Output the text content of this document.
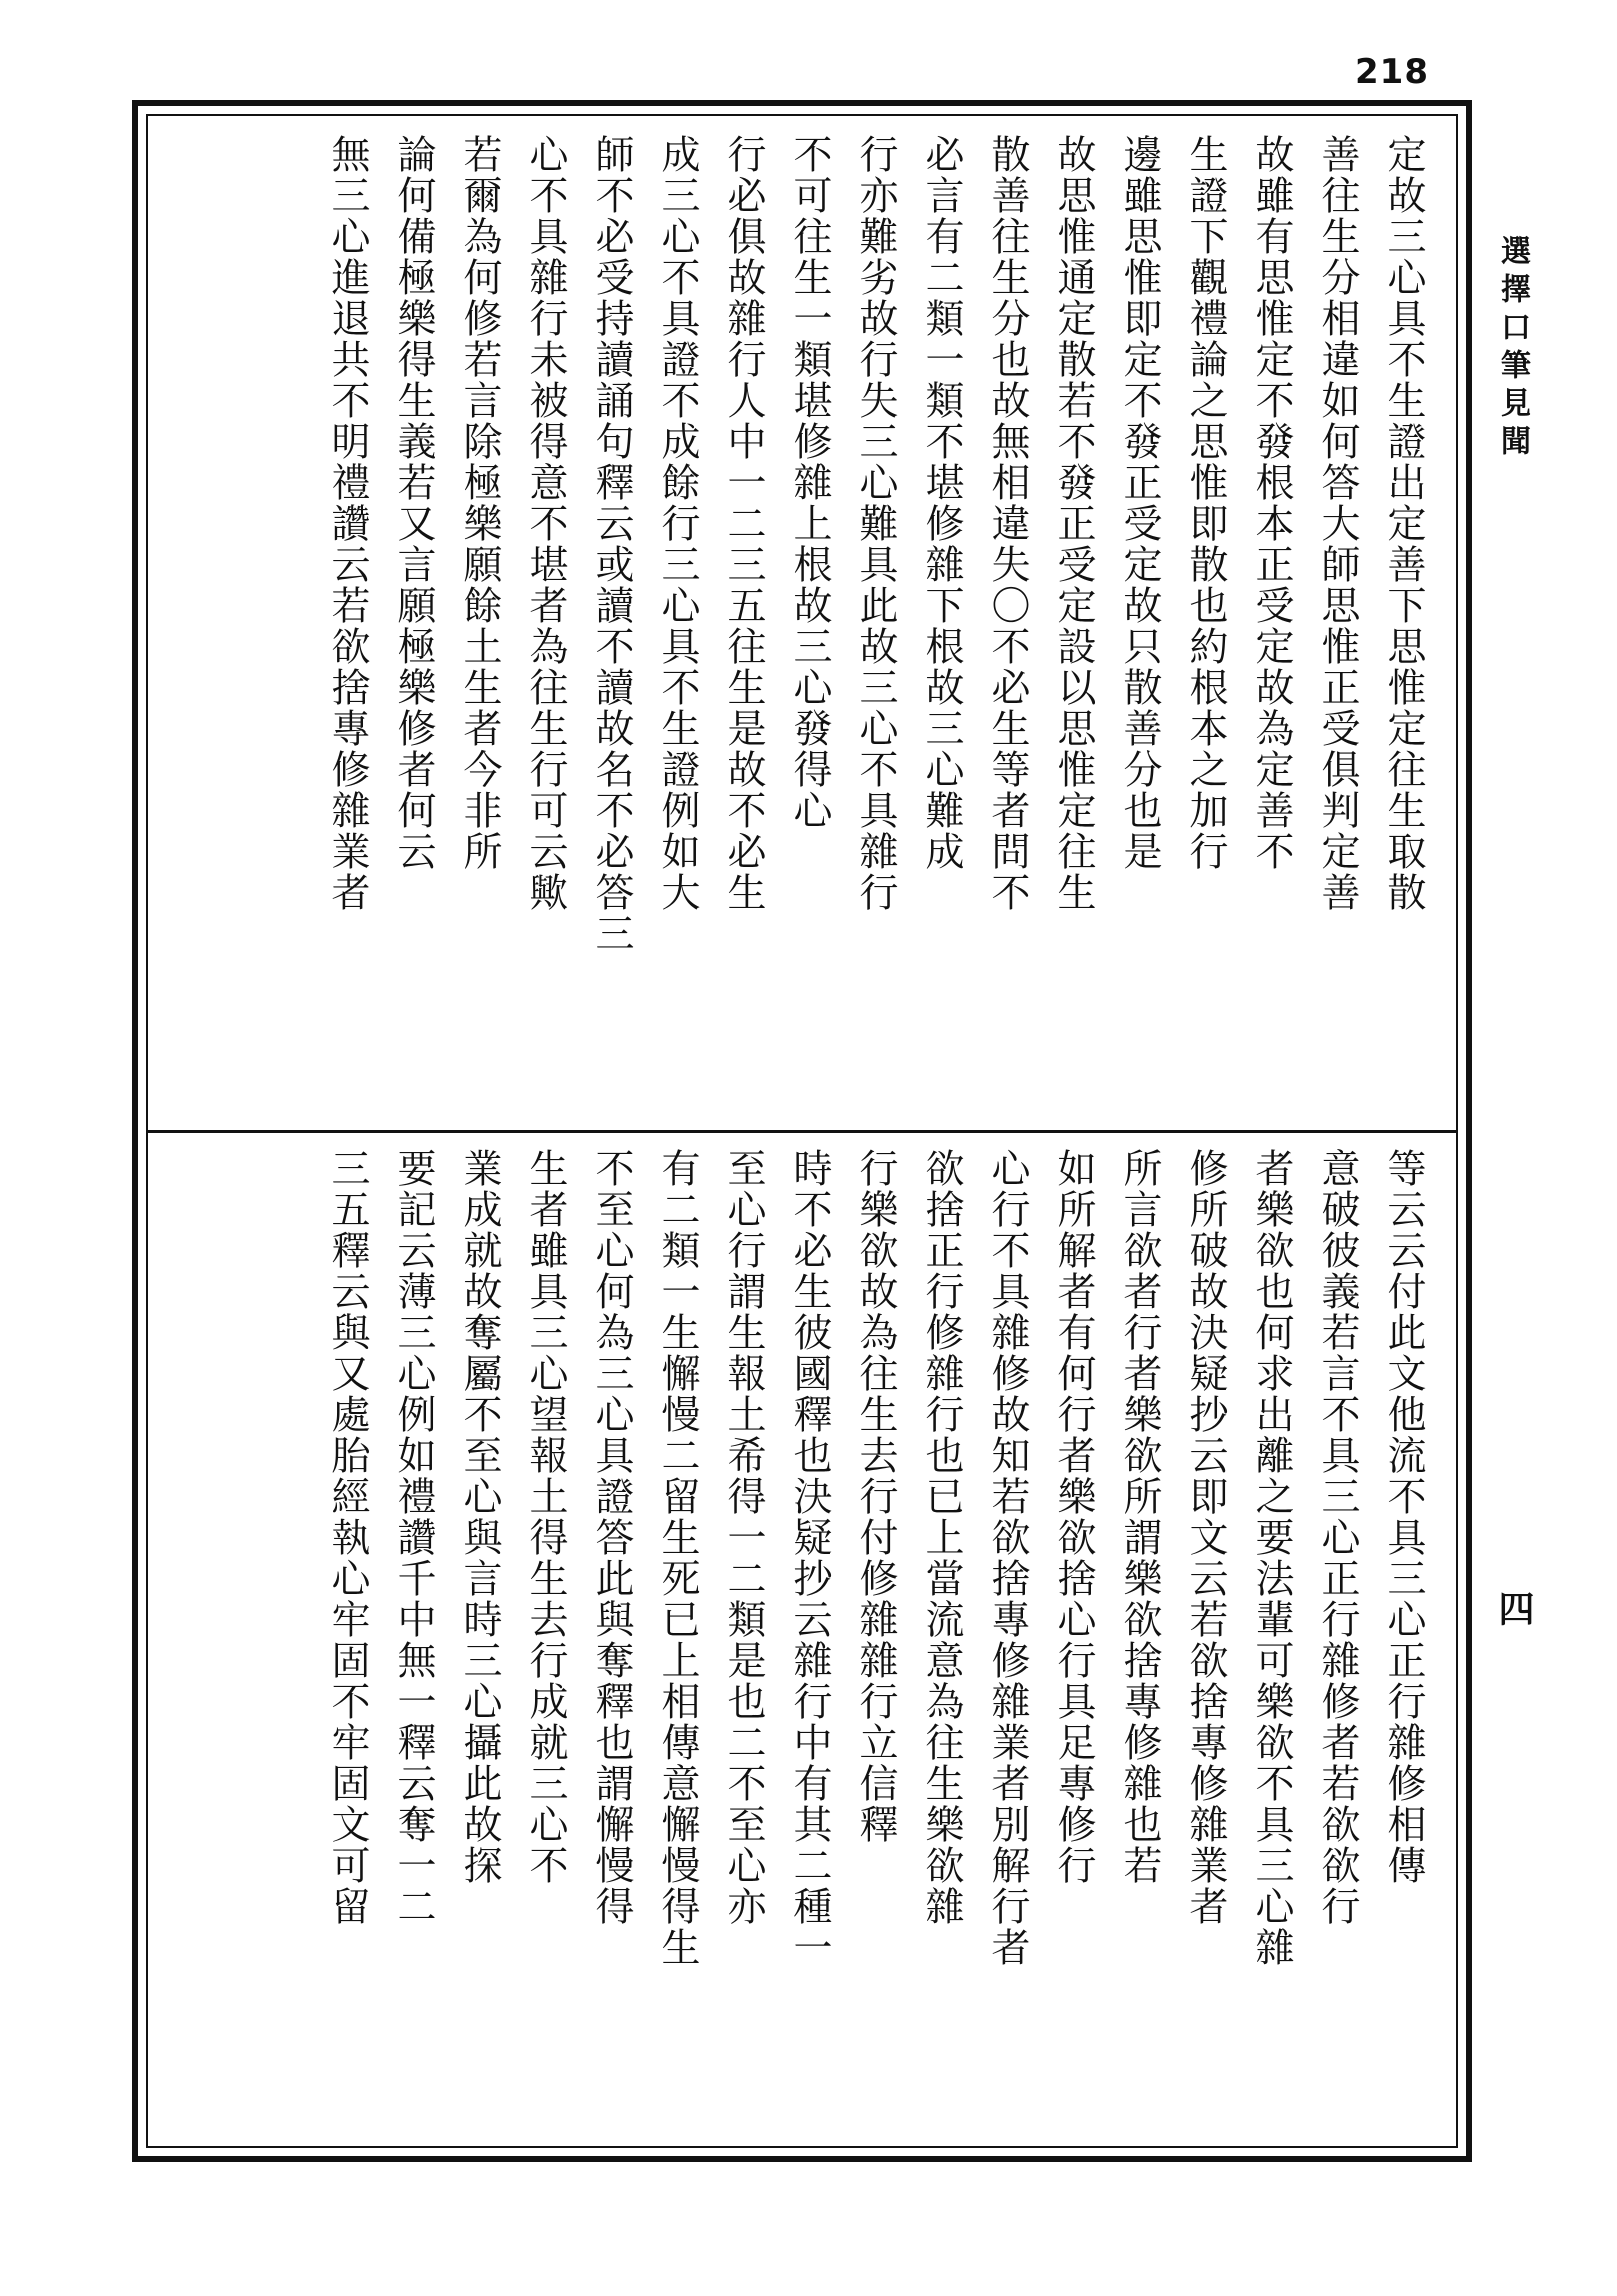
218
定故三心具不生證出定善下思惟定往生取散
善往生分相違如何答大師思惟正受俱判定善
故雖有思惟定不發根本正受定故為定善不
生證下觀禮論之思惟即散也約根本之加行
邊雖思惟即定不發正受定故只散善分也是
故思惟通定散若不發正受定設以思惟定往生
散善往生分也故無相違失〇不必生等者問不
必言有二類一類不堪修雜下根故三心難成
行亦難劣故行失三心難具此故三心不具雜行
不可往生一類堪修雜上根故三心發得心
行必俱故雜行人中一二三五往生是故不必生
成三心不具證不成餘行三心具不生證例如大
師不必受持讀誦句釋云或讀不讀故名不必答三
心不具雜行未被得意不堪者為往生行可云歟
若爾為何修若言除極樂願餘土生者今非所
論何備極樂得生義若又言願極樂修者何云
無三心進退共不明禮讚云若欲捨專修雜業者
等云云付此文他流不具三心正行雜修相傳
意破彼義若言不具三心正行雜修者若欲欲行
者樂欲也何求出離之要法輩可樂欲不具三心雜
修所破故決疑抄云即文云若欲捨專修雜業者
所言欲者行者樂欲所謂樂欲捨專修雜也若
如所解者有何行者樂欲捨心行具足專修行
心行不具雜修故知若欲捨專修雜業者別解行者
欲捨正行修雜行也已上當流意為往生樂欲雜
行樂欲故為往生去行付修雜雜行立信釋
時不必生彼國釋也決疑抄云雜行中有其二種一
至心行謂生報土希得一二類是也二不至心亦
有二類一生懈慢二留生死已上相傳意懈慢得生
不至心何為三心具證答此與奪釋也謂懈慢得
生者雖具三心望報土得生去行成就三心不
業成就故奪屬不至心與言時三心攝此故探
要記云薄三心例如禮讚千中無一釋云奪一二
三五釋云與又處胎經執心牢固不牢固文可留
選擇口筆見聞
四
